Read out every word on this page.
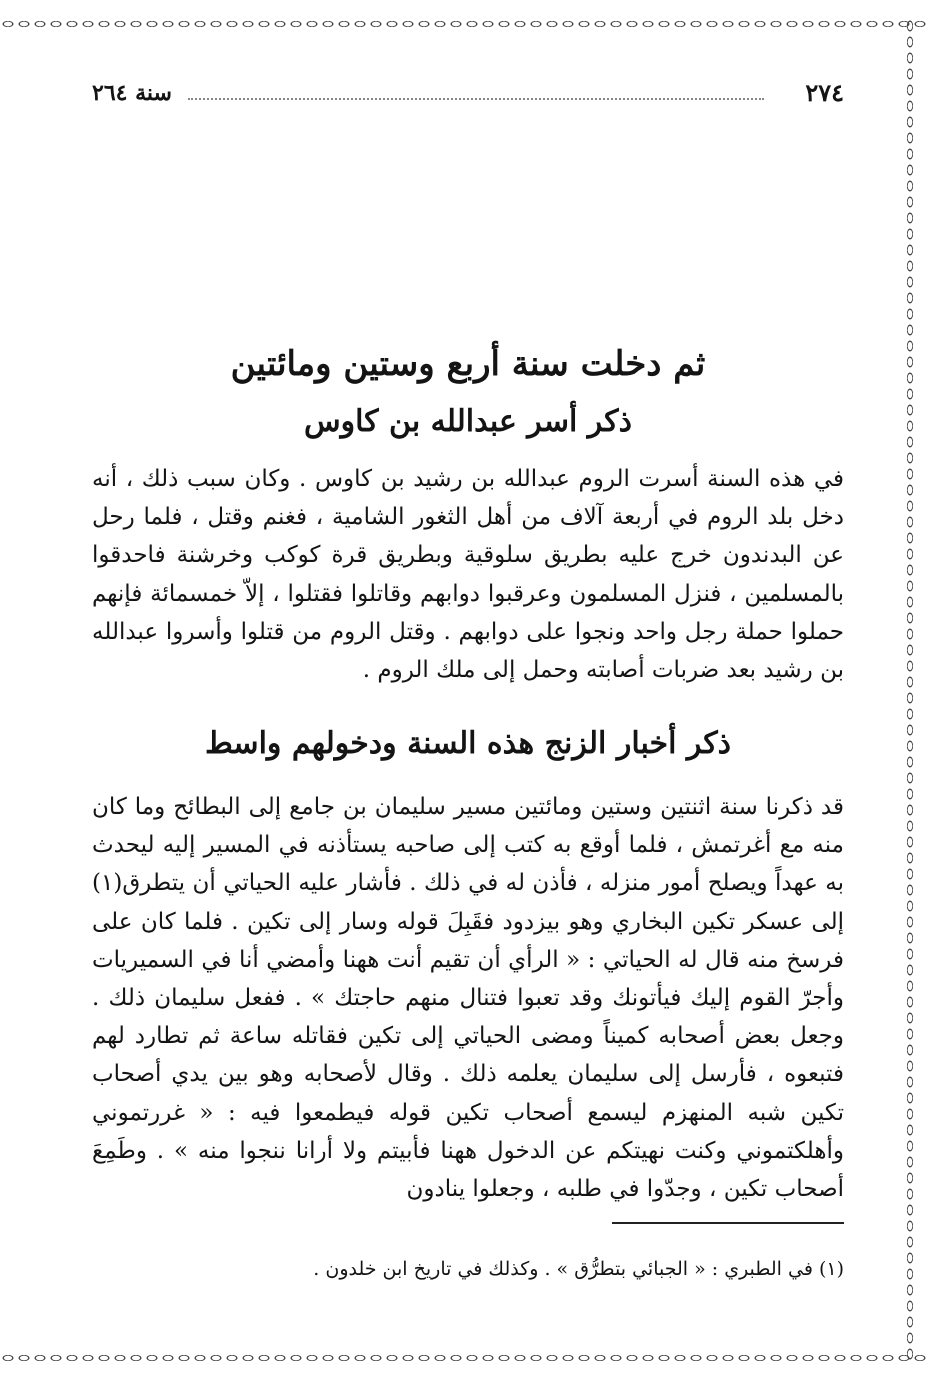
سنة ٢٦٤	٢٧٤
ثم دخلت سنة أربع وستين ومائتين
ذكر أسر عبدالله بن كاوس

في هذه السنة أسرت الروم عبدالله بن رشيد بن كاوس . وكان سبب ذلك ، أنه دخل بلد الروم في أربعة آلاف من أهل الثغور الشامية ، فغنم وقتل ، فلما رحل عن البدندون خرج عليه بطريق سلوقية وبطريق قرة كوكب وخرشنة فاحدقوا بالمسلمين ، فنزل المسلمون وعرقبوا دوابهم وقاتلوا فقتلوا ، إلاّ خمسمائة فإنهم حملوا حملة رجل واحد ونجوا على دوابهم . وقتل الروم من قتلوا وأسروا عبدالله بن رشيد بعد ضربات أصابته وحمل إلى ملك الروم .

ذكر أخبار الزنج هذه السنة ودخولهم واسط

قد ذكرنا سنة اثنتين وستين ومائتين مسير سليمان بن جامع إلى البطائح وما كان منه مع أغرتمش ، فلما أوقع به كتب إلى صاحبه يستأذنه في المسير إليه ليحدث به عهداً ويصلح أمور منزله ، فأذن له في ذلك . فأشار عليه الحياتي أن يتطرق(١) إلى عسكر تكين البخاري وهو بيزدود فقَبِلَ قوله وسار إلى تكين . فلما كان على فرسخ منه قال له الحياتي : « الرأي أن تقيم أنت ههنا وأمضي أنا في السميريات وأجرّ القوم إليك فيأتونك وقد تعبوا فتنال منهم حاجتك » . ففعل سليمان ذلك . وجعل بعض أصحابه كميناً ومضى الحياتي إلى تكين فقاتله ساعة ثم تطارد لهم فتبعوه ، فأرسل إلى سليمان يعلمه ذلك . وقال لأصحابه وهو بين يدي أصحاب تكين شبه المنهزم ليسمع أصحاب تكين قوله فيطمعوا فيه : « غررتموني وأهلكتموني وكنت نهيتكم عن الدخول ههنا فأبيتم ولا أرانا ننجوا منه » . وطَمِعَ أصحاب تكين ، وجدّوا في طلبه ، وجعلوا ينادون

(١) في الطبري : « الجبائي بتطرُّق » . وكذلك في تاريخ ابن خلدون .
